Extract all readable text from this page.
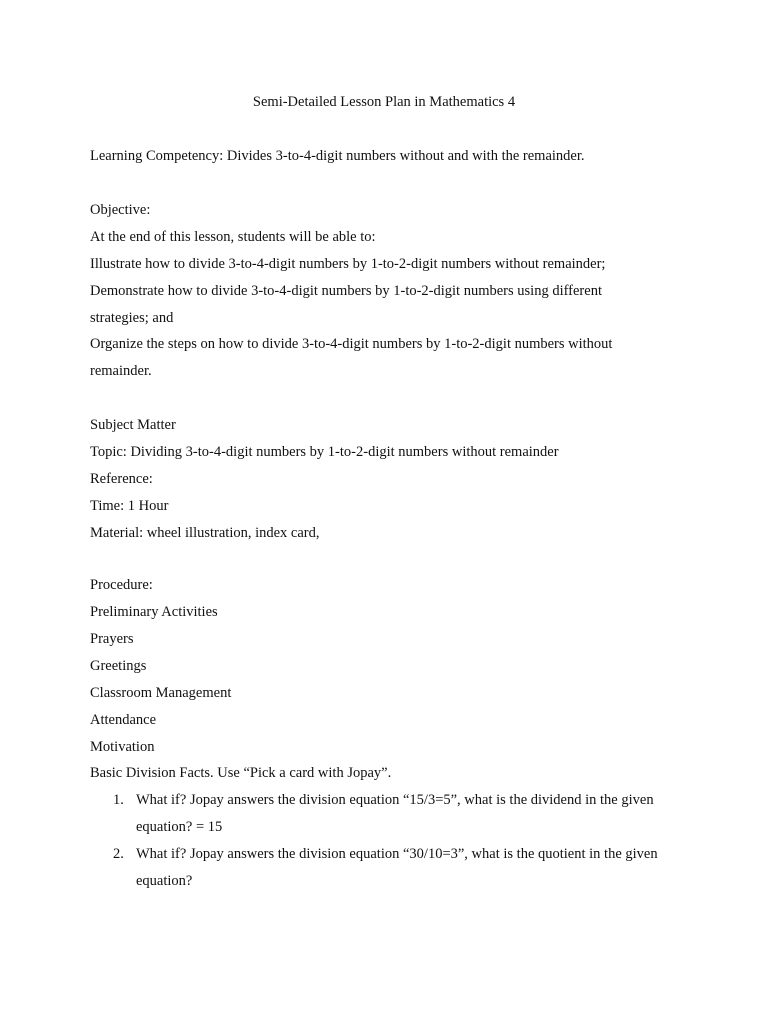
Semi-Detailed Lesson Plan in Mathematics 4
Learning Competency: Divides 3-to-4-digit numbers without and with the remainder.
Objective:
At the end of this lesson, students will be able to:
Illustrate how to divide 3-to-4-digit numbers by 1-to-2-digit numbers without remainder;
Demonstrate how to divide 3-to-4-digit numbers by 1-to-2-digit numbers using different
strategies; and
Organize the steps on how to divide 3-to-4-digit numbers by 1-to-2-digit numbers without
remainder.
Subject Matter
Topic: Dividing 3-to-4-digit numbers by 1-to-2-digit numbers without remainder
Reference:
Time: 1 Hour
Material: wheel illustration, index card,
Procedure:
Preliminary Activities
Prayers
Greetings
Classroom Management
Attendance
Motivation
Basic Division Facts. Use “Pick a card with Jopay”.
1. What if? Jopay answers the division equation “15/3=5”, what is the dividend in the given
equation? = 15
2. What if? Jopay answers the division equation “30/10=3”, what is the quotient in the given
equation?
